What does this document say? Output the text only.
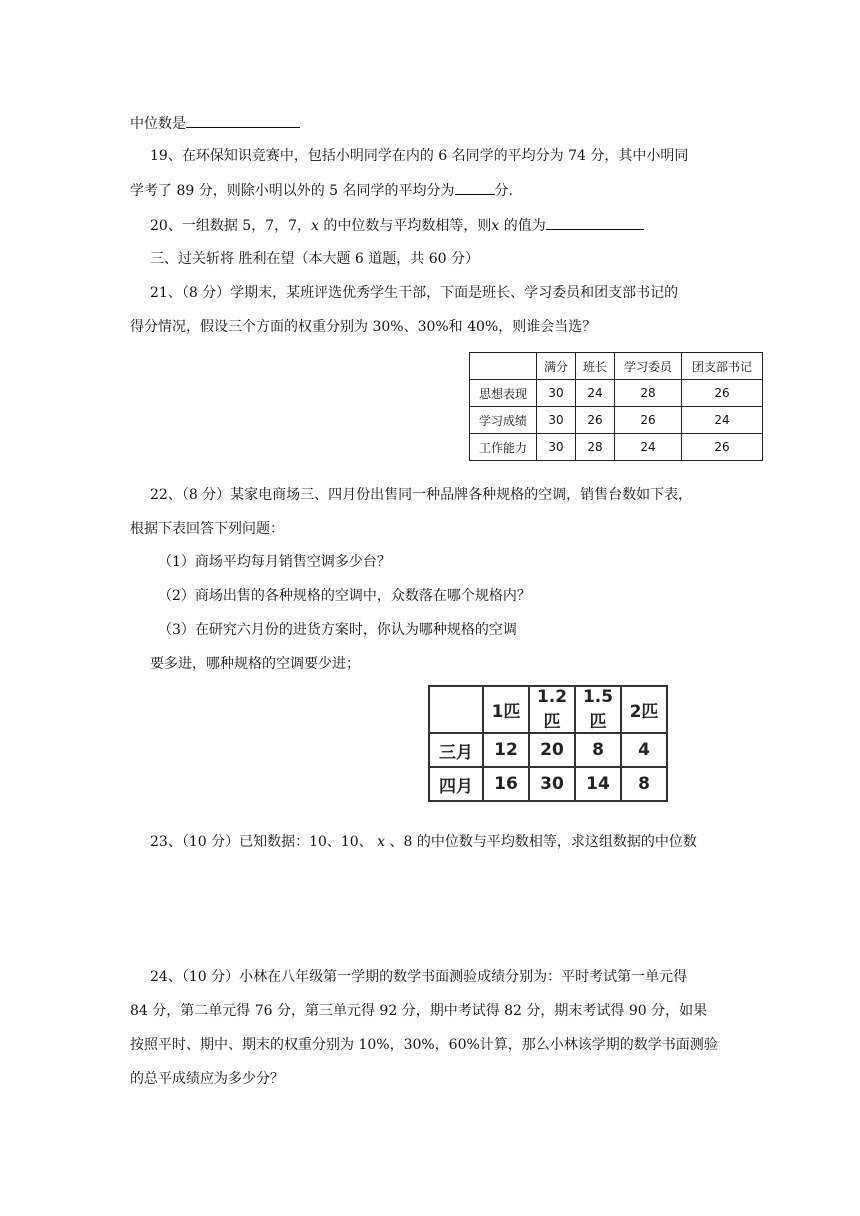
中位数是
19、在环保知识竞赛中，包括小明同学在内的 6 名同学的平均分为 74 分，其中小明同
学考了 89 分，则除小明以外的 5 名同学的平均分为	分.
20、一组数据 5，7，7，x 的中位数与平均数相等，则x 的值为
三、过关斩将 胜利在望（本大题 6 道题，共 60 分）
21、（8 分）学期末，某班评选优秀学生干部，下面是班长、学习委员和团支部书记的
得分情况，假设三个方面的权重分别为 30%、30%和 40%，则谁会当选？
	满分	班长	学习委员	团支部书记
思想表现	30	24	28	26
学习成绩	30	26	26	24
工作能力	30	28	24	26
22、（8 分）某家电商场三、四月份出售同一种品牌各种规格的空调，销售台数如下表，
根据下表回答下列问题：
（1）商场平均每月销售空调多少台？
（2）商场出售的各种规格的空调中，众数落在哪个规格内？
（3）在研究六月份的进货方案时，你认为哪种规格的空调
要多进，哪种规格的空调要少进；
	1匹	1.2匹	1.5匹	2匹
三月	12	20	8	4
四月	16	30	14	8
23、（10 分）已知数据：10、10、 x 、8 的中位数与平均数相等，求这组数据的中位数
24、（10 分）小林在八年级第一学期的数学书面测验成绩分别为：平时考试第一单元得
84 分，第二单元得 76 分，第三单元得 92 分，期中考试得 82 分，期末考试得 90 分，如果
按照平时、期中、期末的权重分别为 10%，30%，60%计算，那么小林该学期的数学书面测验
的总平成绩应为多少分？
